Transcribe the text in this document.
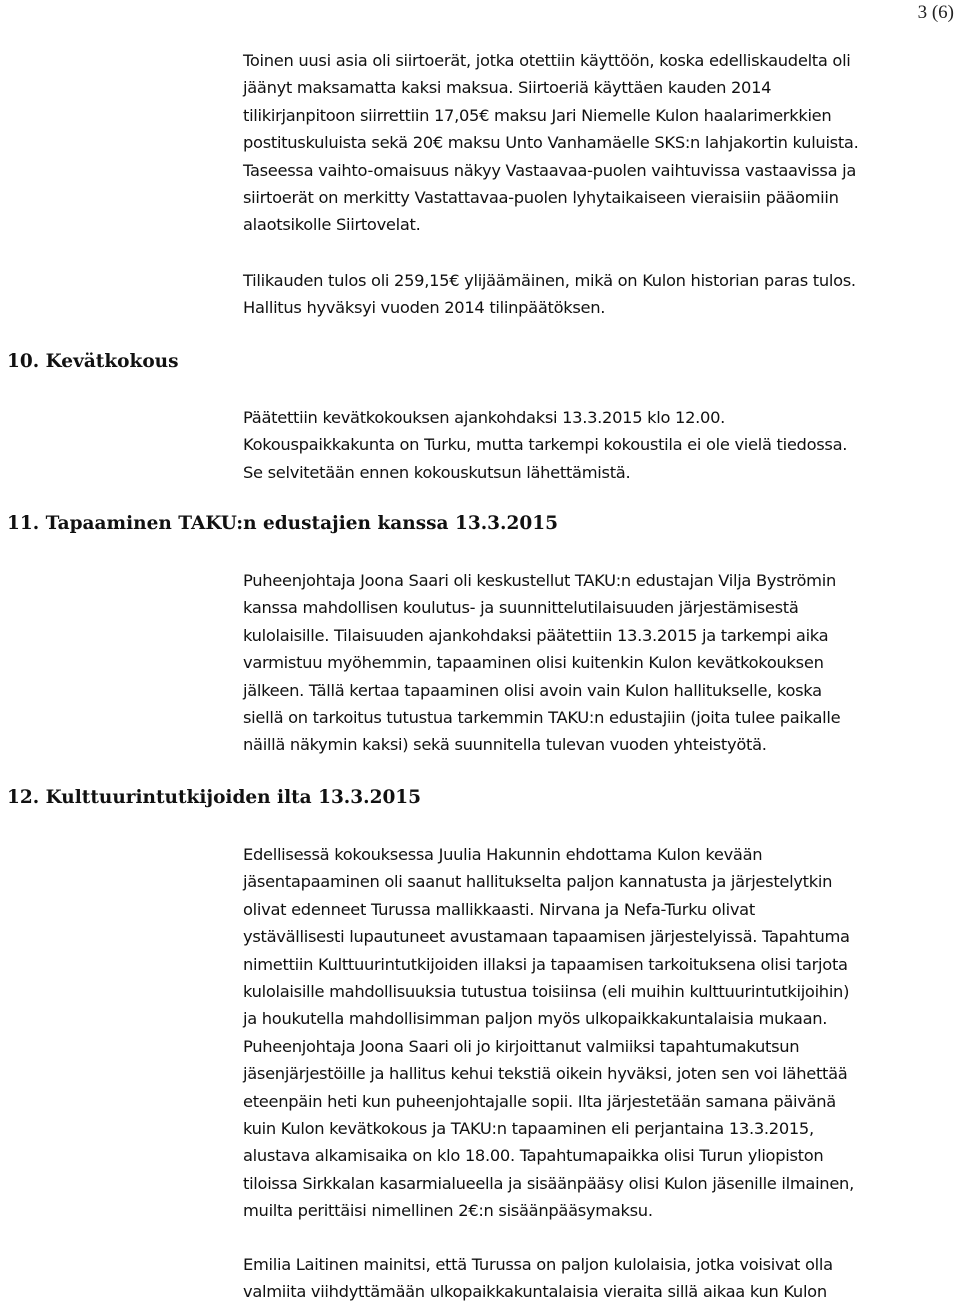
3 (6)

Toinen uusi asia oli siirtoerät, jotka otettiin käyttöön, koska edelliskaudelta oli
jäänyt maksamatta kaksi maksua. Siirtoeriä käyttäen kauden 2014
tilikirjanpitoon siirrettiin 17,05€ maksu Jari Niemelle Kulon haalarimerkkien
postituskuluista sekä 20€ maksu Unto Vanhamäelle SKS:n lahjakortin kuluista.
Taseessa vaihto-omaisuus näkyy Vastaavaa-puolen vaihtuvissa vastaavissa ja
siirtoerät on merkitty Vastattavaa-puolen lyhytaikaiseen vieraisiin pääomiin
alaotsikolle Siirtovelat.

Tilikauden tulos oli 259,15€ ylijäämäinen, mikä on Kulon historian paras tulos.
Hallitus hyväksyi vuoden 2014 tilinpäätöksen.

10. Kevätkokous

Päätettiin kevätkokouksen ajankohdaksi 13.3.2015 klo 12.00.
Kokouspaikkakunta on Turku, mutta tarkempi kokoustila ei ole vielä tiedossa.
Se selvitetään ennen kokouskutsun lähettämistä.

11. Tapaaminen TAKU:n edustajien kanssa 13.3.2015

Puheenjohtaja Joona Saari oli keskustellut TAKU:n edustajan Vilja Byströmin
kanssa mahdollisen koulutus- ja suunnittelutilaisuuden järjestämisestä
kulolaisille. Tilaisuuden ajankohdaksi päätettiin 13.3.2015 ja tarkempi aika
varmistuu myöhemmin, tapaaminen olisi kuitenkin Kulon kevätkokouksen
jälkeen. Tällä kertaa tapaaminen olisi avoin vain Kulon hallitukselle, koska
siellä on tarkoitus tutustua tarkemmin TAKU:n edustajiin (joita tulee paikalle
näillä näkymin kaksi) sekä suunnitella tulevan vuoden yhteistyötä.

12. Kulttuurintutkijoiden ilta 13.3.2015

Edellisessä kokouksessa Juulia Hakunnin ehdottama Kulon kevään
jäsentapaaminen oli saanut hallitukselta paljon kannatusta ja järjestelytkin
olivat edenneet Turussa mallikkaasti. Nirvana ja Nefa-Turku olivat
ystävällisesti lupautuneet avustamaan tapaamisen järjestelyissä. Tapahtuma
nimettiin Kulttuurintutkijoiden illaksi ja tapaamisen tarkoituksena olisi tarjota
kulolaisille mahdollisuuksia tutustua toisiinsa (eli muihin kulttuurintutkijoihin)
ja houkutella mahdollisimman paljon myös ulkopaikkakuntalaisia mukaan.
Puheenjohtaja Joona Saari oli jo kirjoittanut valmiiksi tapahtumakutsun
jäsenjärjestöille ja hallitus kehui tekstiä oikein hyväksi, joten sen voi lähettää
eteenpäin heti kun puheenjohtajalle sopii. Ilta järjestetään samana päivänä
kuin Kulon kevätkokous ja TAKU:n tapaaminen eli perjantaina 13.3.2015,
alustava alkamisaika on klo 18.00. Tapahtumapaikka olisi Turun yliopiston
tiloissa Sirkkalan kasarmialueella ja sisäänpääsy olisi Kulon jäsenille ilmainen,
muilta perittäisi nimellinen 2€:n sisäänpääsymaksu.

Emilia Laitinen mainitsi, että Turussa on paljon kulolaisia, jotka voisivat olla
valmiita viihdyttämään ulkopaikkakuntalaisia vieraita sillä aikaa kun Kulon
